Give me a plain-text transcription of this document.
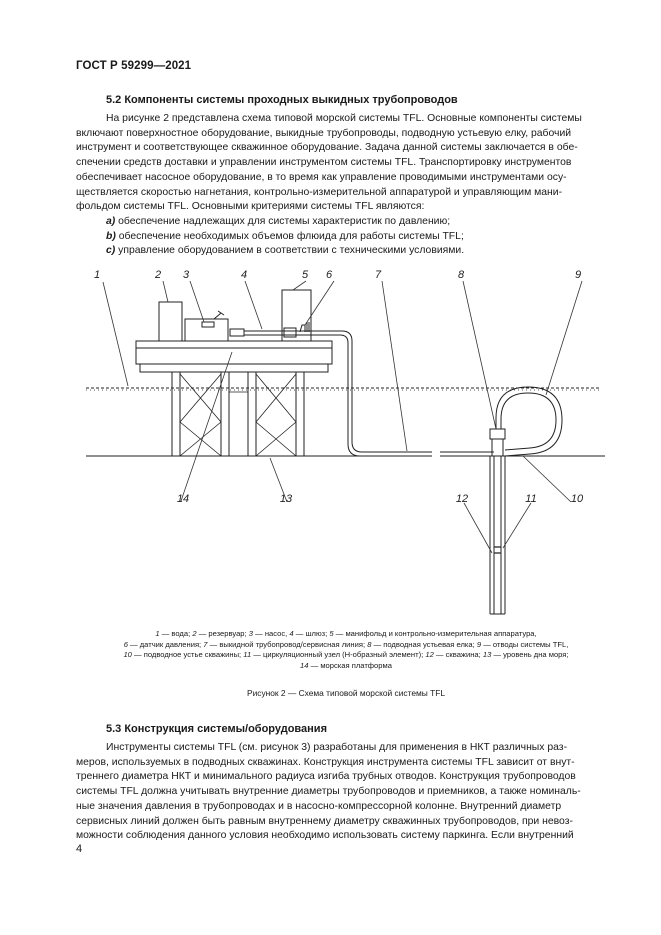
ГОСТ Р 59299—2021
5.2 Компоненты системы проходных выкидных трубопроводов
На рисунке 2 представлена схема типовой морской системы TFL. Основные компоненты системы
включают поверхностное оборудование, выкидные трубопроводы, подводную устьевую елку, рабочий
инструмент и соответствующее скважинное оборудование. Задача данной системы заключается в обе-
спечении средств доставки и управлении инструментом системы TFL. Транспортировку инструментов
обеспечивает насосное оборудование, в то время как управление проводимыми инструментами осу-
ществляется скоростью нагнетания, контрольно-измерительной аппаратурой и управляющим мани-
фольдом системы TFL. Основными критериями системы TFL являются:
a) обеспечение надлежащих для системы характеристик по давлению;
b) обеспечение необходимых объемов флюида для работы системы TFL;
c) управление оборудованием в соответствии с техническими условиями.
1	2 3	4	5 6	7	8	9
10
11
12
13
14
1 — вода; 2 — резервуар; 3 — насос, 4 — шлюз; 5 — манифольд и контрольно-измерительная аппаратура,
6 — датчик давления; 7 — выкидной трубопровод/сервисная линия; 8 — подводная устьевая елка; 9 — отводы системы TFL,
10 — подводное устье скважины; 11 — циркуляционный узел (Н-образный элемент); 12 — скважина; 13 — уровень дна моря;
14 — морская платформа
Рисунок 2 — Схема типовой морской системы TFL
5.3 Конструкция системы/оборудования
Инструменты системы TFL (см. рисунок 3) разработаны для применения в НКТ различных раз-
меров, используемых в подводных скважинах. Конструкция инструмента системы TFL зависит от внут-
треннего диаметра НКТ и минимального радиуса изгиба трубных отводов. Конструкция трубопроводов
системы TFL должна учитывать внутренние диаметры трубопроводов и приемников, а также номиналь-
ные значения давления в трубопроводах и в насосно-компрессорной колонне. Внутренний диаметр
сервисных линий должен быть равным внутреннему диаметру скважинных трубопроводов, при невоз-
можности соблюдения данного условия необходимо использовать систему паркинга. Если внутренний
4
